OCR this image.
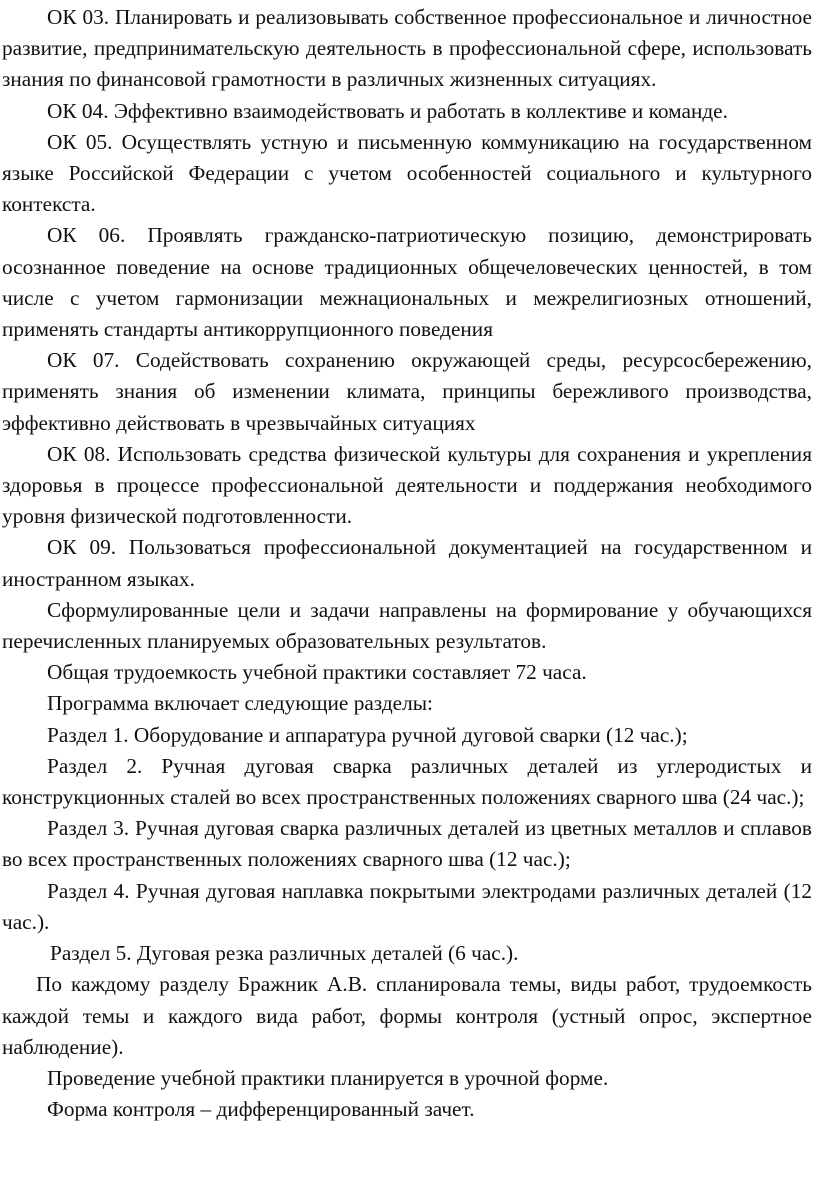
ОК 03. Планировать и реализовывать собственное профессиональное и личностное развитие, предпринимательскую деятельность в профессиональной сфере, использовать знания по финансовой грамотности в различных жизненных ситуациях.

ОК 04. Эффективно взаимодействовать и работать в коллективе и команде.

ОК 05. Осуществлять устную и письменную коммуникацию на государственном языке Российской Федерации с учетом особенностей социального и культурного контекста.

ОК 06. Проявлять гражданско-патриотическую позицию, демонстрировать осознанное поведение на основе традиционных общечеловеческих ценностей, в том числе с учетом гармонизации межнациональных и межрелигиозных отношений, применять стандарты антикоррупционного поведения

ОК 07. Содействовать сохранению окружающей среды, ресурсосбережению, применять знания об изменении климата, принципы бережливого производства, эффективно действовать в чрезвычайных ситуациях

ОК 08. Использовать средства физической культуры для сохранения и укрепления здоровья в процессе профессиональной деятельности и поддержания необходимого уровня физической подготовленности.

ОК 09. Пользоваться профессиональной документацией на государственном и иностранном языках.

Сформулированные цели и задачи направлены на формирование у обучающихся перечисленных планируемых образовательных результатов.

Общая трудоемкость учебной практики составляет 72 часа.

Программа включает следующие разделы:

Раздел 1. Оборудование и аппаратура ручной дуговой сварки (12 час.);

Раздел 2. Ручная дуговая сварка различных деталей из углеродистых и конструкционных сталей во всех пространственных положениях сварного шва (24 час.);

Раздел 3. Ручная дуговая сварка различных деталей из цветных металлов и сплавов во всех пространственных положениях сварного шва (12 час.);

Раздел 4. Ручная дуговая наплавка покрытыми электродами различных деталей (12 час.).

Раздел 5. Дуговая резка различных деталей (6 час.).

По каждому разделу Бражник А.В. спланировала темы, виды работ, трудоемкость каждой темы и каждого вида работ, формы контроля (устный опрос, экспертное наблюдение).

Проведение учебной практики планируется в урочной форме.

Форма контроля – дифференцированный зачет.
